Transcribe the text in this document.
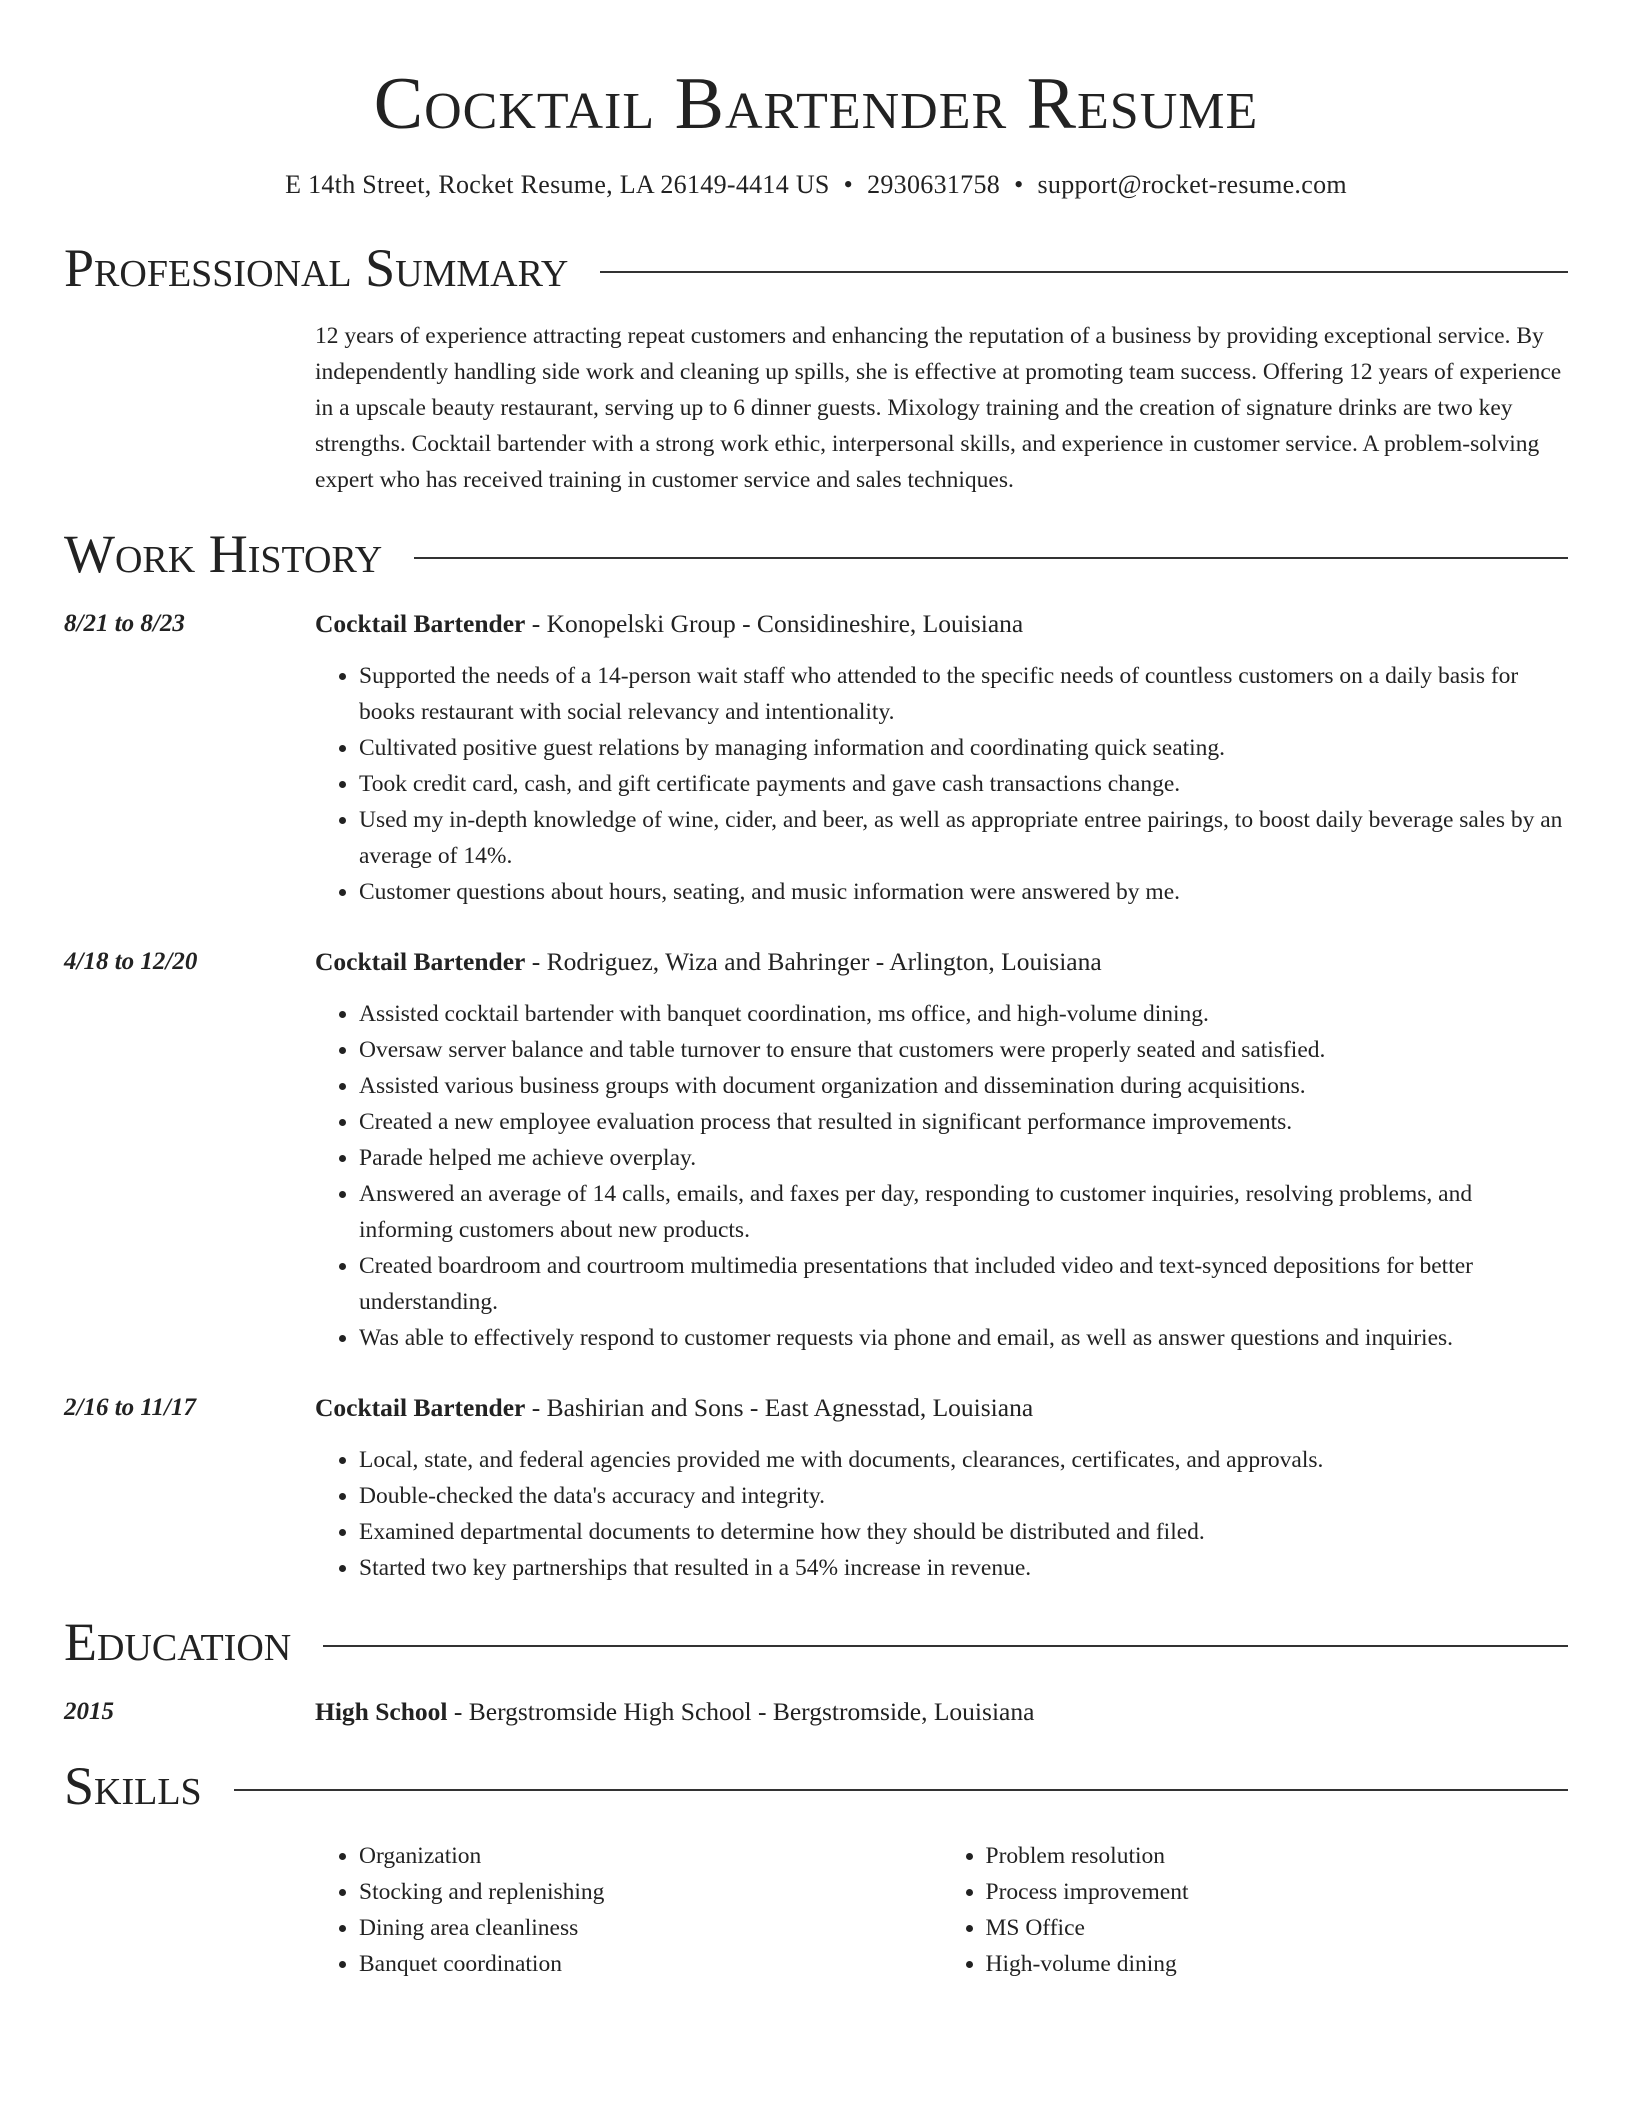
Cocktail Bartender Resume
E 14th Street, Rocket Resume, LA 26149-4414 US • 2930631758 • support@rocket-resume.com
Professional Summary
12 years of experience attracting repeat customers and enhancing the reputation of a business by providing exceptional service. By independently handling side work and cleaning up spills, she is effective at promoting team success. Offering 12 years of experience in a upscale beauty restaurant, serving up to 6 dinner guests. Mixology training and the creation of signature drinks are two key strengths. Cocktail bartender with a strong work ethic, interpersonal skills, and experience in customer service. A problem-solving expert who has received training in customer service and sales techniques.
Work History
8/21 to 8/23	Cocktail Bartender - Konopelski Group - Considineshire, Louisiana
• Supported the needs of a 14-person wait staff who attended to the specific needs of countless customers on a daily basis for books restaurant with social relevancy and intentionality.
• Cultivated positive guest relations by managing information and coordinating quick seating.
• Took credit card, cash, and gift certificate payments and gave cash transactions change.
• Used my in-depth knowledge of wine, cider, and beer, as well as appropriate entree pairings, to boost daily beverage sales by an average of 14%.
• Customer questions about hours, seating, and music information were answered by me.
4/18 to 12/20	Cocktail Bartender - Rodriguez, Wiza and Bahringer - Arlington, Louisiana
• Assisted cocktail bartender with banquet coordination, ms office, and high-volume dining.
• Oversaw server balance and table turnover to ensure that customers were properly seated and satisfied.
• Assisted various business groups with document organization and dissemination during acquisitions.
• Created a new employee evaluation process that resulted in significant performance improvements.
• Parade helped me achieve overplay.
• Answered an average of 14 calls, emails, and faxes per day, responding to customer inquiries, resolving problems, and informing customers about new products.
• Created boardroom and courtroom multimedia presentations that included video and text-synced depositions for better understanding.
• Was able to effectively respond to customer requests via phone and email, as well as answer questions and inquiries.
2/16 to 11/17	Cocktail Bartender - Bashirian and Sons - East Agnesstad, Louisiana
• Local, state, and federal agencies provided me with documents, clearances, certificates, and approvals.
• Double-checked the data's accuracy and integrity.
• Examined departmental documents to determine how they should be distributed and filed.
• Started two key partnerships that resulted in a 54% increase in revenue.
Education
2015	High School - Bergstromside High School - Bergstromside, Louisiana
Skills
• Organization
• Stocking and replenishing
• Dining area cleanliness
• Banquet coordination
• Problem resolution
• Process improvement
• MS Office
• High-volume dining
